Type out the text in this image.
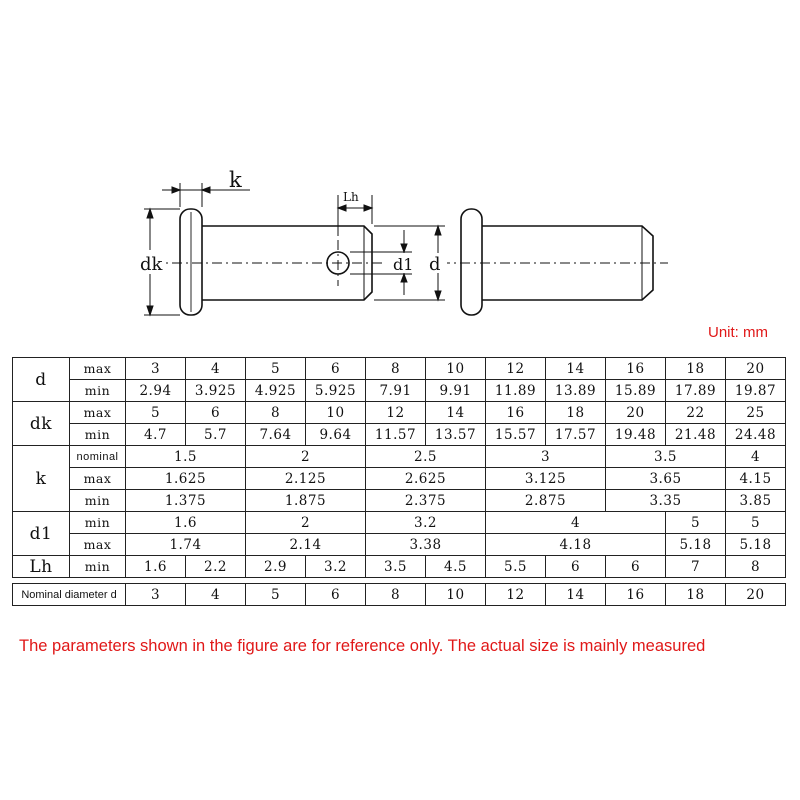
k
Lh
dk	d1 d
Unit: mm
d	max	3	4	5	6	8	10	12	14	16	18	20
	min	2.94	3.925	4.925	5.925	7.91	9.91	11.89	13.89	15.89	17.89	19.87
dk	max	5	6	8	10	12	14	16	18	20	22	25
	min	4.7	5.7	7.64	9.64	11.57	13.57	15.57	17.57	19.48	21.48	24.48
k	nominal	1.5		2		2.5		3		3.5		4
	max	1.625		2.125		2.625		3.125		3.65		4.15
	min	1.375		1.875		2.375		2.875		3.35		3.85
d1	min	1.6		2		3.2		4			5	5
	max	1.74		2.14		3.38		4.18			5.18	5.18
Lh	min	1.6	2.2	2.9	3.2	3.5	4.5	5.5	6	6	7	8

Nominal diameter d		3	4	5	6	8	10	12	14	16	18	20
The parameters shown in the figure are for reference only. The actual size is mainly measured
